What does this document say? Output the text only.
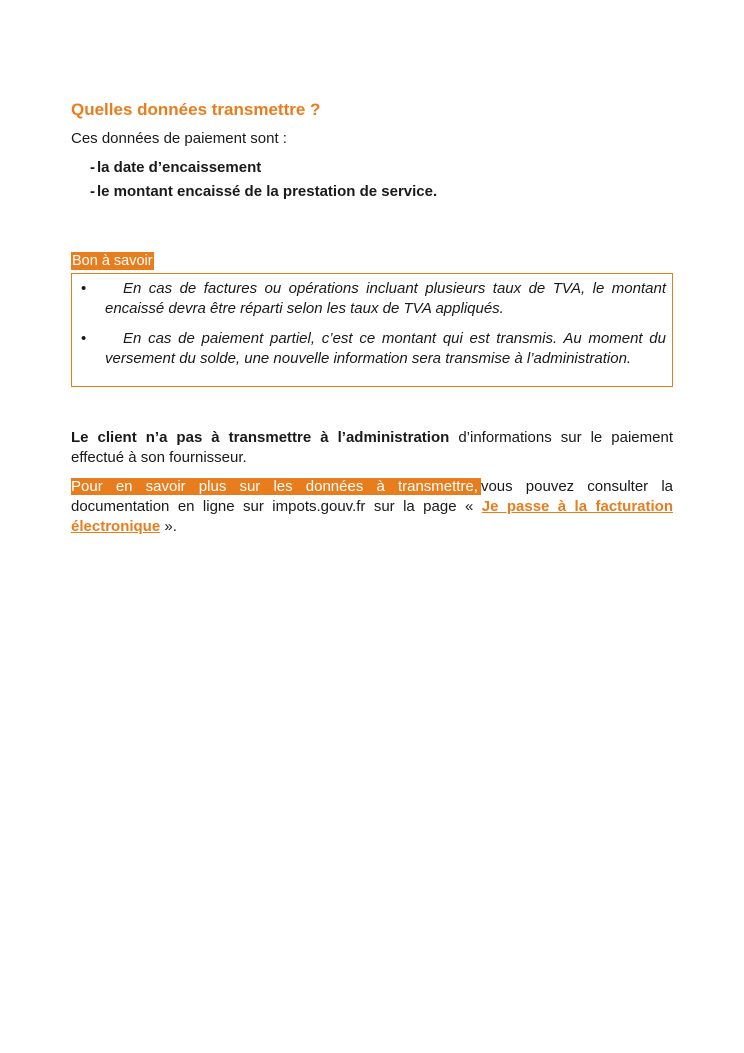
Quelles données transmettre ?

Ces données de paiement sont :

- la date d’encaissement
- le montant encaissé de la prestation de service.
Bon à savoir
•	En cas de factures ou opérations incluant plusieurs taux de TVA, le montant encaissé devra être réparti selon les taux de TVA appliqués.
•	En cas de paiement partiel, c’est ce montant qui est transmis. Au moment du versement du solde, une nouvelle information sera transmise à l’administration.

Le client n’a pas à transmettre à l’administration d’informations sur le paiement effectué à son fournisseur.

Pour en savoir plus sur les données à transmettre, vous pouvez consulter la documentation en ligne sur impots.gouv.fr sur la page « Je passe à la facturation électronique ».
